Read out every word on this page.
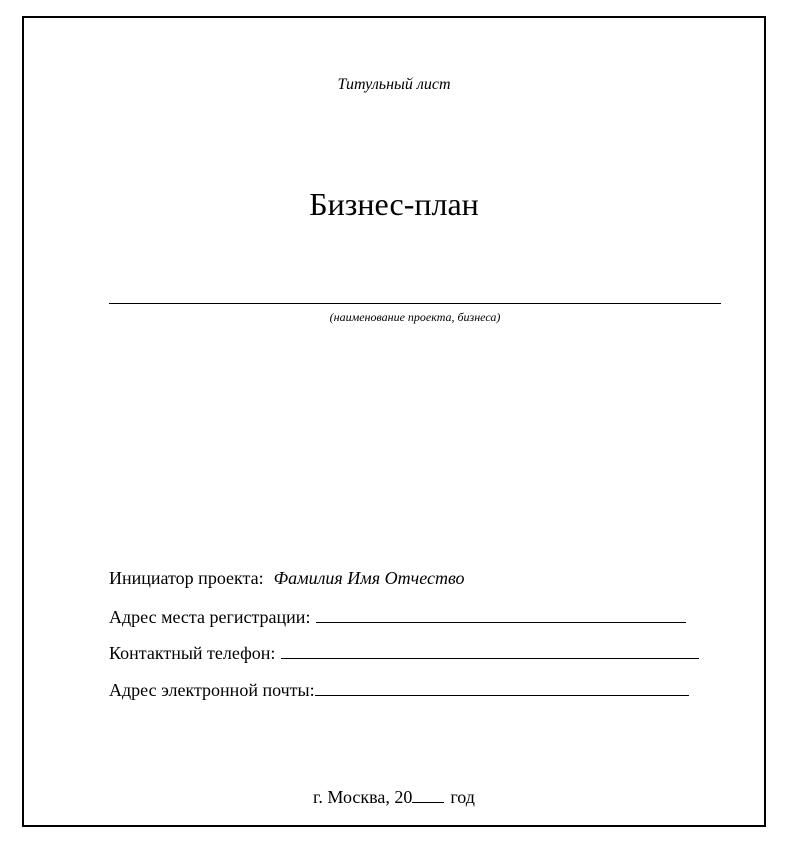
Титульный лист
Бизнес-план
(наименование проекта, бизнеса)
Инициатор проекта: Фамилия Имя Отчество
Адрес места регистрации:
Контактный телефон:
Адрес электронной почты:
г. Москва, 20 год
